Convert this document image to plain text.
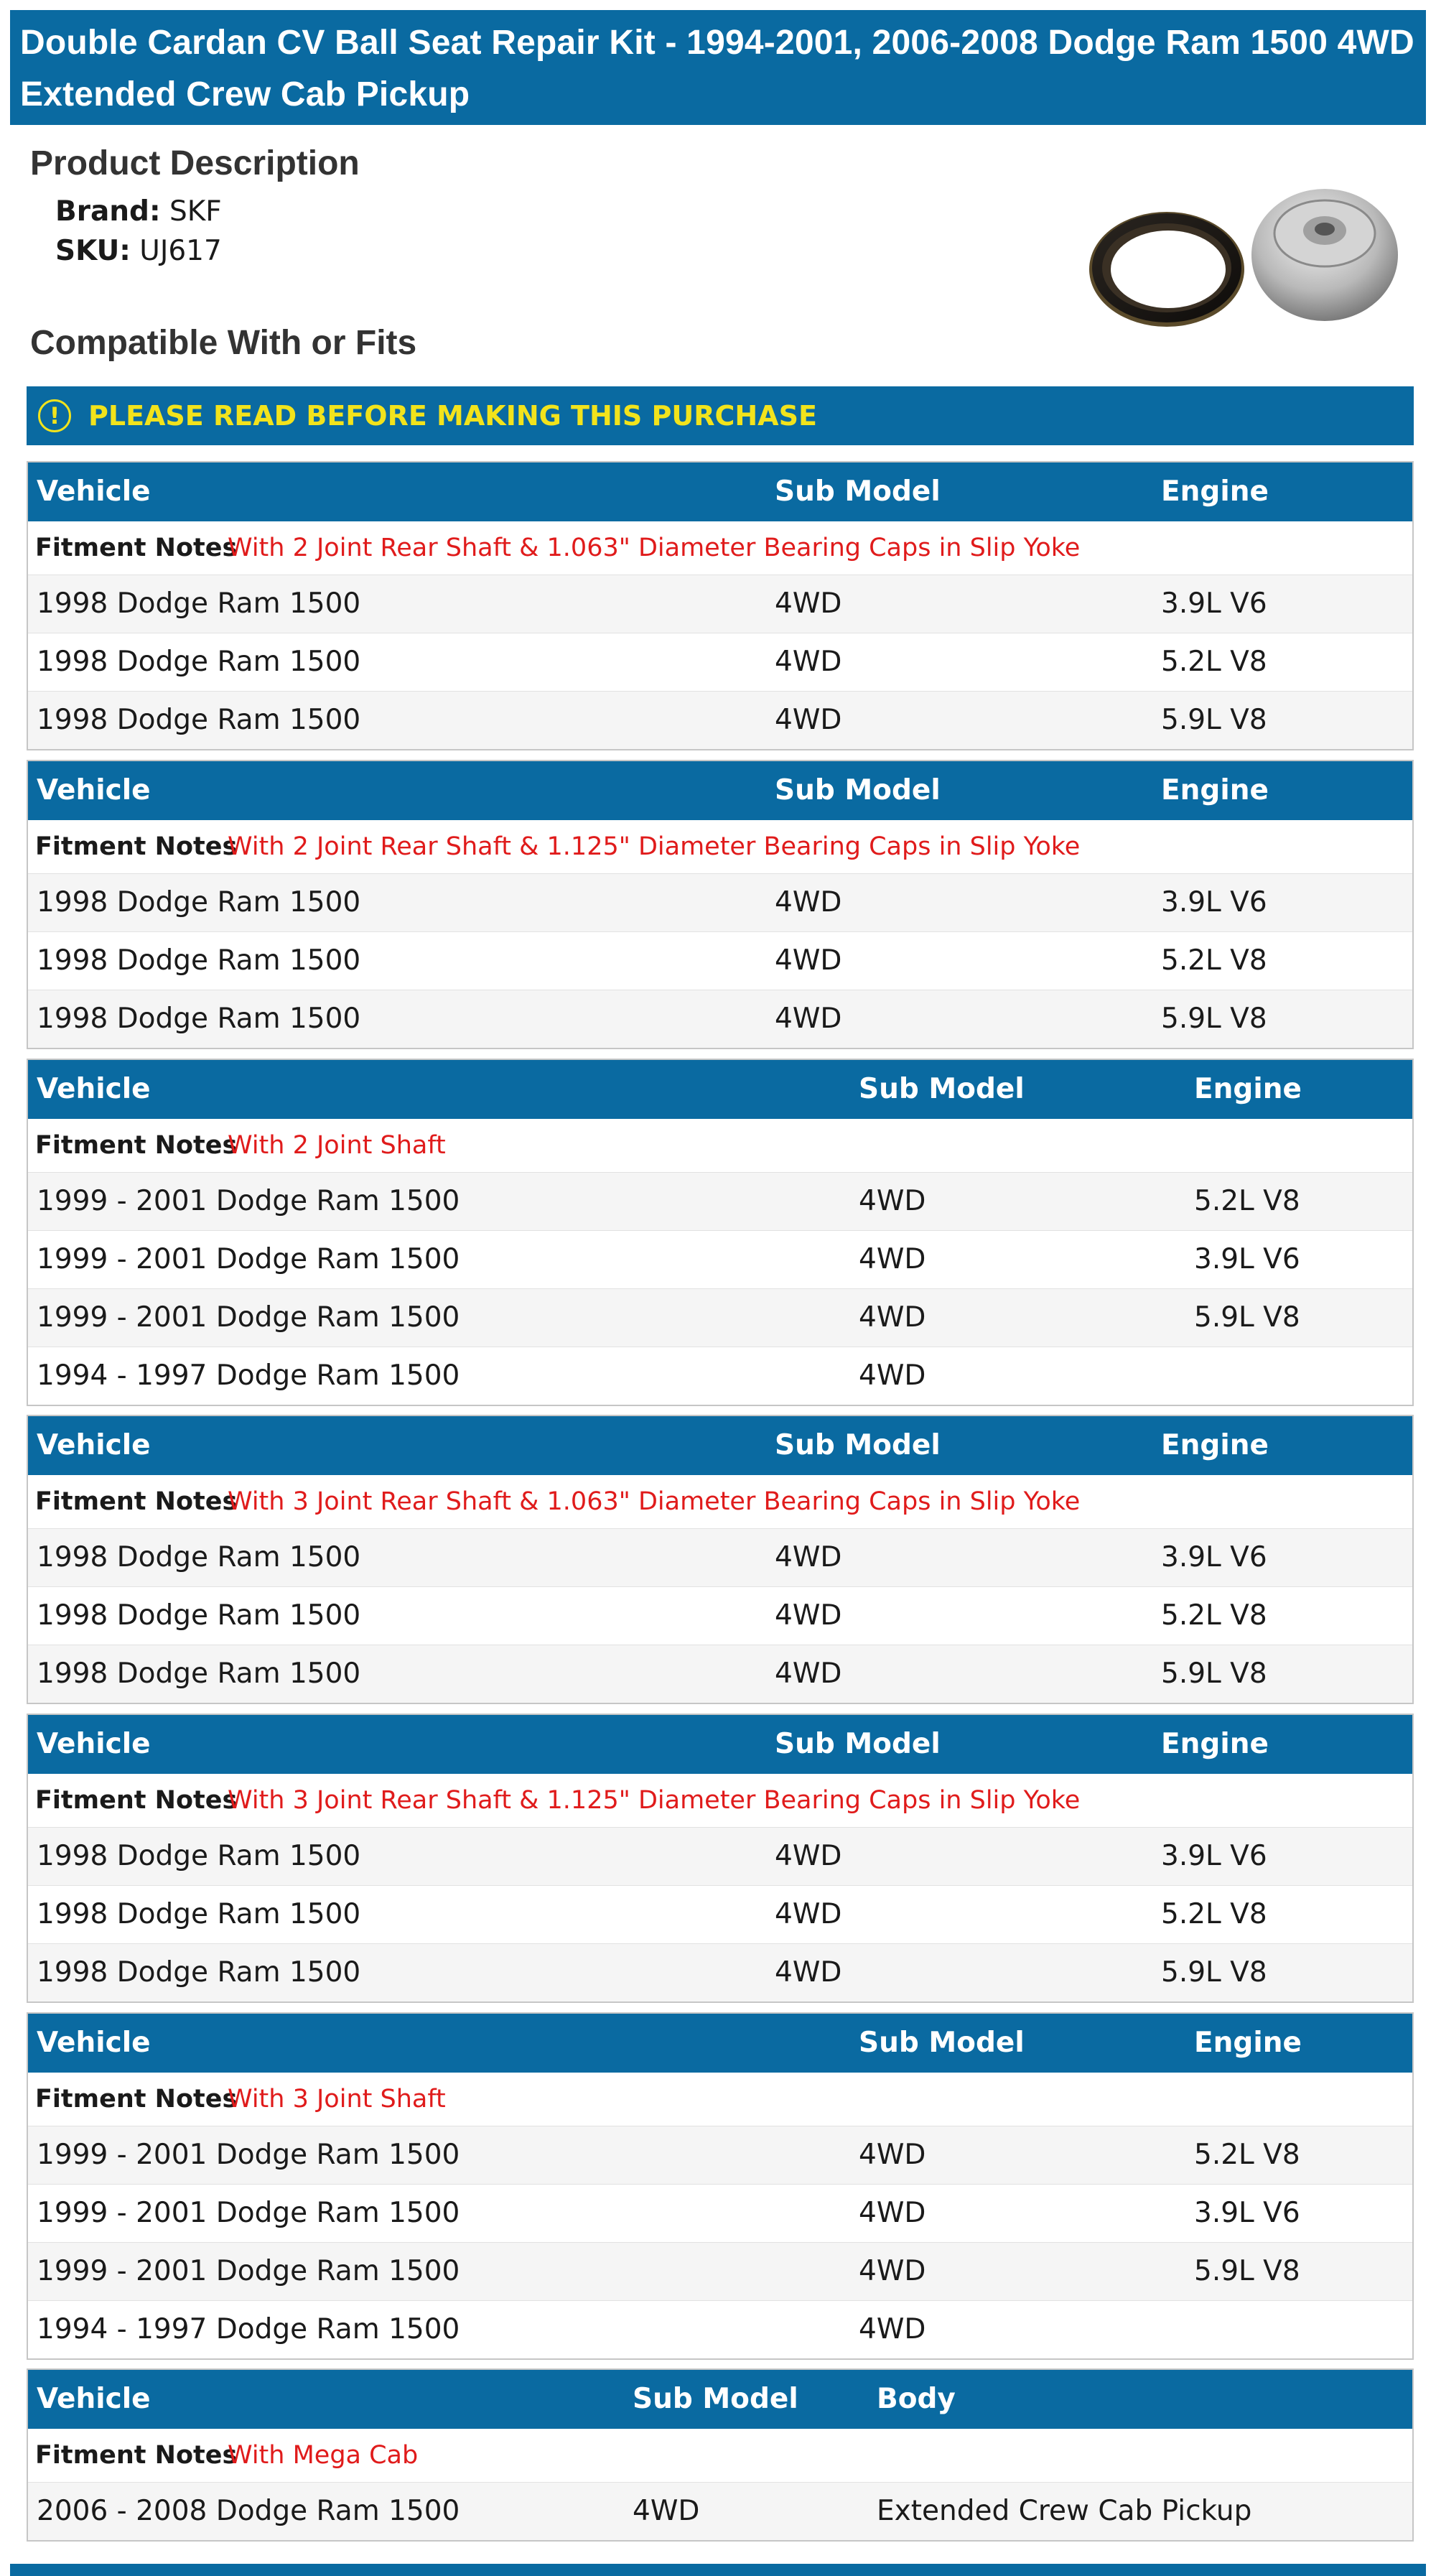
Double Cardan CV Ball Seat Repair Kit - 1994-2001, 2006-2008 Dodge Ram 1500 4WD
Extended Crew Cab Pickup
Product Description
Brand: SKF
SKU: UJ617
Compatible With or Fits
!	PLEASE READ BEFORE MAKING THIS PURCHASE
Vehicle	Sub Model	Engine
Fitment Notes
With 2 Joint Rear Shaft & 1.063" Diameter Bearing Caps in Slip Yoke
1998 Dodge Ram 1500	4WD	3.9L V6
1998 Dodge Ram 1500	4WD	5.2L V8
1998 Dodge Ram 1500	4WD	5.9L V8
Vehicle	Sub Model	Engine
Fitment Notes
With 2 Joint Rear Shaft & 1.125" Diameter Bearing Caps in Slip Yoke
1998 Dodge Ram 1500	4WD	3.9L V6
1998 Dodge Ram 1500	4WD	5.2L V8
1998 Dodge Ram 1500	4WD	5.9L V8
Vehicle	Sub Model	Engine
Fitment Notes
With 2 Joint Shaft
1999 - 2001 Dodge Ram 1500	4WD	5.2L V8
1999 - 2001 Dodge Ram 1500	4WD	3.9L V6
1999 - 2001 Dodge Ram 1500	4WD	5.9L V8
1994 - 1997 Dodge Ram 1500	4WD
Vehicle	Sub Model	Engine
Fitment Notes
With 3 Joint Rear Shaft & 1.063" Diameter Bearing Caps in Slip Yoke
1998 Dodge Ram 1500	4WD	3.9L V6
1998 Dodge Ram 1500	4WD	5.2L V8
1998 Dodge Ram 1500	4WD	5.9L V8
Vehicle	Sub Model	Engine
Fitment Notes
With 3 Joint Rear Shaft & 1.125" Diameter Bearing Caps in Slip Yoke
1998 Dodge Ram 1500	4WD	3.9L V6
1998 Dodge Ram 1500	4WD	5.2L V8
1998 Dodge Ram 1500	4WD	5.9L V8
Vehicle	Sub Model	Engine
Fitment Notes
With 3 Joint Shaft
1999 - 2001 Dodge Ram 1500	4WD	5.2L V8
1999 - 2001 Dodge Ram 1500	4WD	3.9L V6
1999 - 2001 Dodge Ram 1500	4WD	5.9L V8
1994 - 1997 Dodge Ram 1500	4WD
Vehicle	Sub Model	Body
Fitment Notes
With Mega Cab
2006 - 2008 Dodge Ram 1500	4WD	Extended Crew Cab Pickup
